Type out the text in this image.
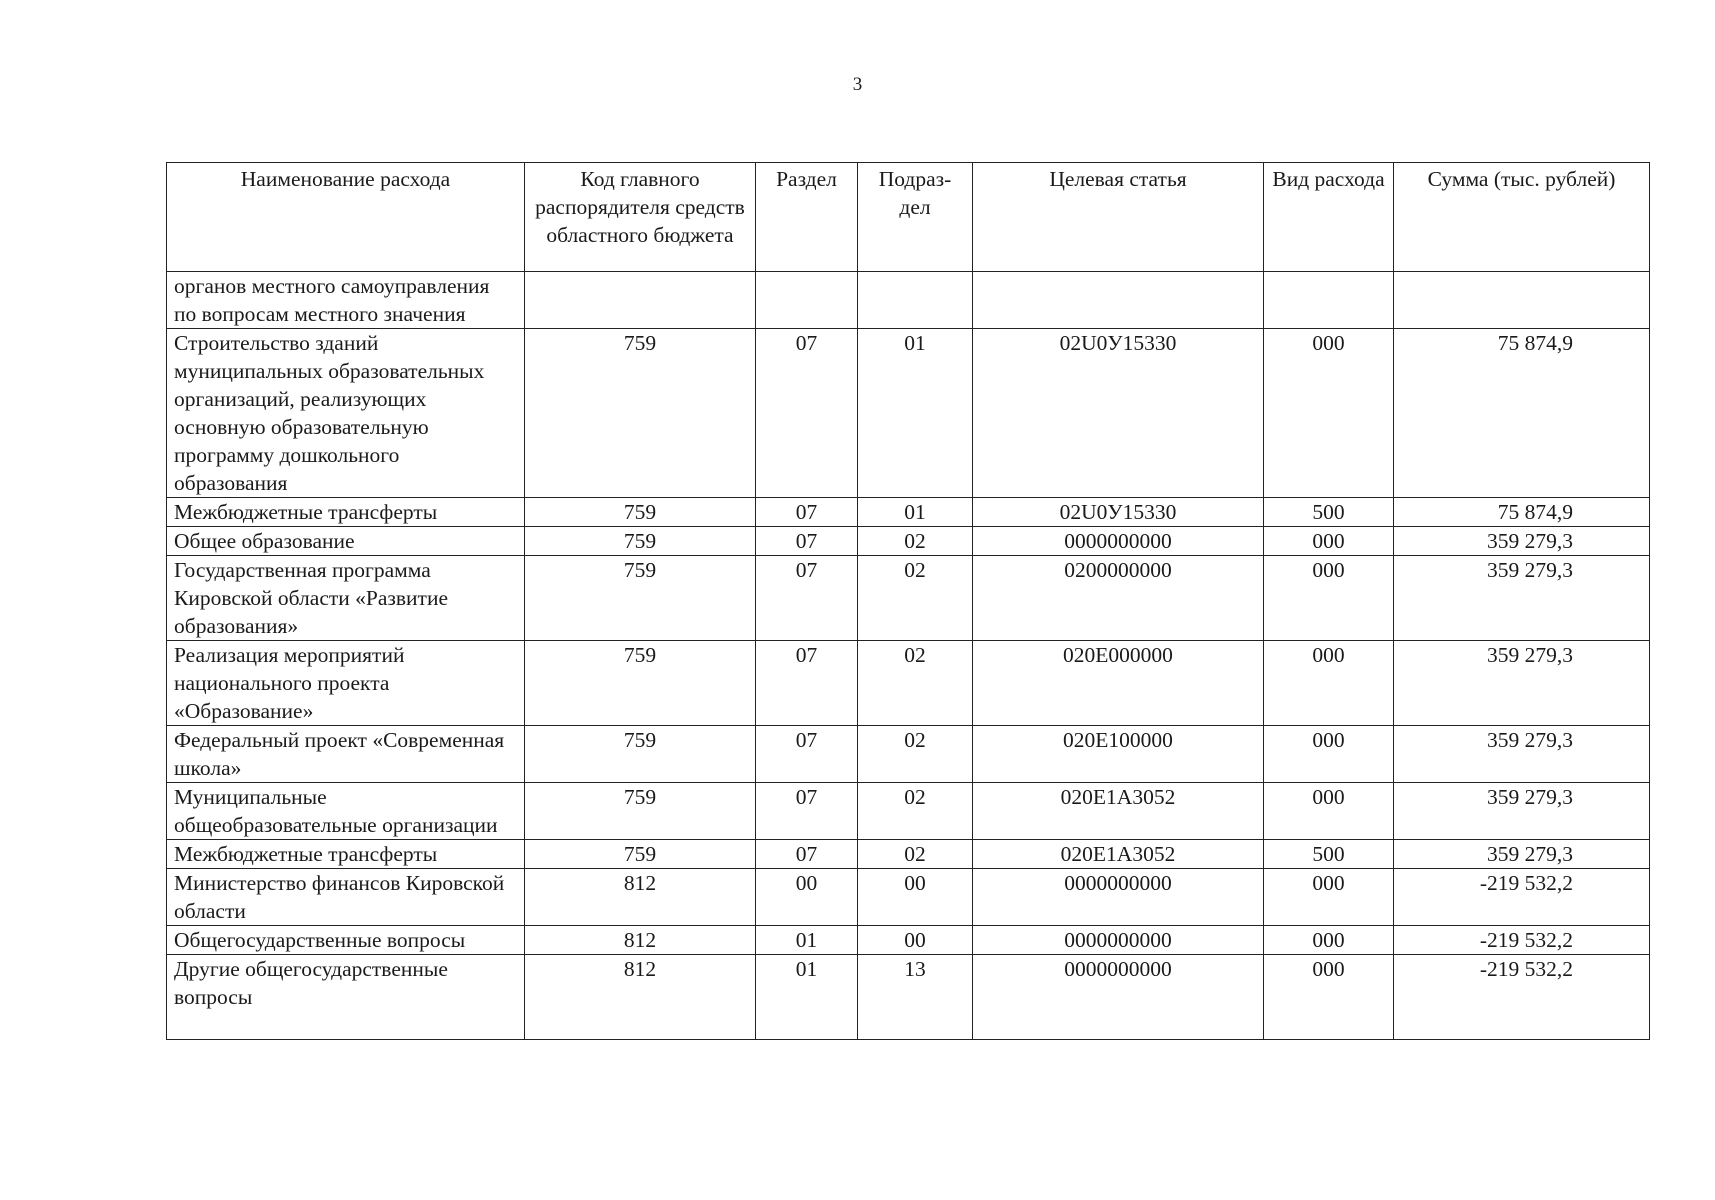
3
Наименование расхода	Код главного распорядителя средств областного бюджета	Раздел	Подраз-дел	Целевая статья	Вид расхода	Сумма (тыс. рублей)
органов местного самоуправления по вопросам местного значения						
Строительство зданий муниципальных образовательных организаций, реализующих основную образовательную программу дошкольного образования	759	07	01	02U0У15330	000	75 874,9
Межбюджетные трансферты	759	07	01	02U0У15330	500	75 874,9
Общее образование	759	07	02	0000000000	000	359 279,3
Государственная программа Кировской области «Развитие образования»	759	07	02	0200000000	000	359 279,3
Реализация мероприятий национального проекта «Образование»	759	07	02	020E000000	000	359 279,3
Федеральный проект «Современная школа»	759	07	02	020E100000	000	359 279,3
Муниципальные общеобразовательные организации	759	07	02	020E1A3052	000	359 279,3
Межбюджетные трансферты	759	07	02	020E1A3052	500	359 279,3
Министерство финансов Кировской области	812	00	00	0000000000	000	-219 532,2
Общегосударственные вопросы	812	01	00	0000000000	000	-219 532,2
Другие общегосударственные вопросы	812	01	13	0000000000	000	-219 532,2
